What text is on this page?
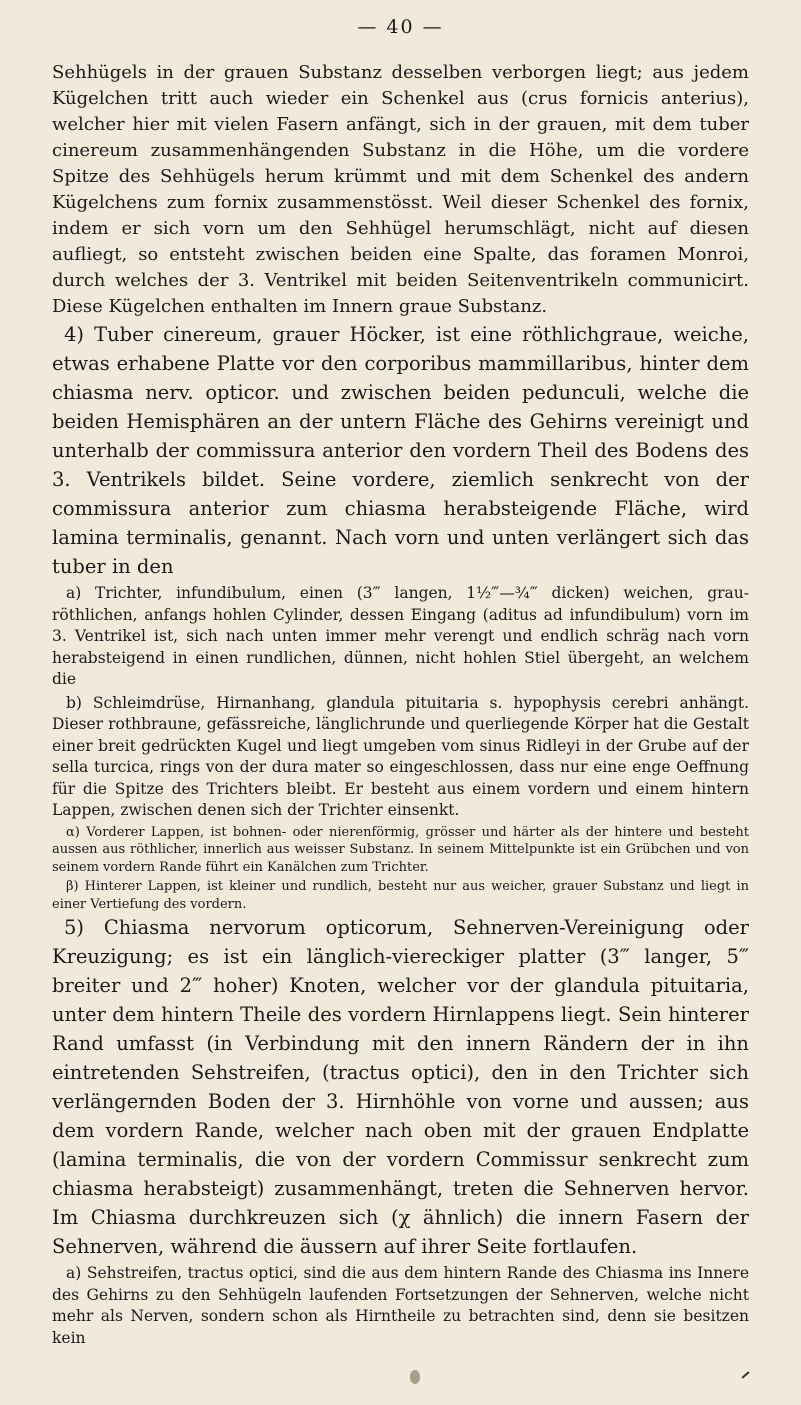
— 40 —

Sehhügels in der grauen Substanz desselben verborgen liegt; aus jedem Kügelchen tritt auch wieder ein Schenkel aus (crus fornicis anterius), welcher hier mit vielen Fasern anfängt, sich in der grauen, mit dem tuber cinereum zusammenhängenden Substanz in die Höhe, um die vordere Spitze des Sehhügels herum krümmt und mit dem Schenkel des andern Kügelchens zum fornix zusammenstösst. Weil dieser Schenkel des fornix, indem er sich vorn um den Sehhügel herumschlägt, nicht auf diesen aufliegt, so entsteht zwischen beiden eine Spalte, das foramen Monroi, durch welches der 3. Ventrikel mit beiden Seitenventrikeln communicirt. Diese Kügelchen enthalten im Innern graue Substanz.

4) Tuber cinereum, grauer Höcker, ist eine röthlichgraue, weiche, etwas erhabene Platte vor den corporibus mammillaribus, hinter dem chiasma nerv. opticor. und zwischen beiden pedunculi, welche die beiden Hemisphären an der untern Fläche des Gehirns vereinigt und unterhalb der commissura anterior den vordern Theil des Bodens des 3. Ventrikels bildet. Seine vordere, ziemlich senkrecht von der commissura anterior zum chiasma herabsteigende Fläche, wird lamina terminalis, genannt. Nach vorn und unten verlängert sich das tuber in den

a) Trichter, infundibulum, einen (3‴ langen, 1½‴—¾‴ dicken) weichen, grau-röthlichen, anfangs hohlen Cylinder, dessen Eingang (aditus ad infundibulum) vorn im 3. Ventrikel ist, sich nach unten immer mehr verengt und endlich schräg nach vorn herabsteigend in einen rundlichen, dünnen, nicht hohlen Stiel übergeht, an welchem die

b) Schleimdrüse, Hirnanhang, glandula pituitaria s. hypophysis cerebri anhängt. Dieser rothbraune, gefässreiche, länglichrunde und querliegende Körper hat die Gestalt einer breit gedrückten Kugel und liegt umgeben vom sinus Ridleyi in der Grube auf der sella turcica, rings von der dura mater so eingeschlossen, dass nur eine enge Oeffnung für die Spitze des Trichters bleibt. Er besteht aus einem vordern und einem hintern Lappen, zwischen denen sich der Trichter einsenkt.

α) Vorderer Lappen, ist bohnen- oder nierenförmig, grösser und härter als der hintere und besteht aussen aus röthlicher, innerlich aus weisser Substanz. In seinem Mittelpunkte ist ein Grübchen und von seinem vordern Rande führt ein Kanälchen zum Trichter.

β) Hinterer Lappen, ist kleiner und rundlich, besteht nur aus weicher, grauer Substanz und liegt in einer Vertiefung des vordern.

5) Chiasma nervorum opticorum, Sehnerven-Vereinigung oder Kreuzigung; es ist ein länglich-viereckiger platter (3‴ langer, 5‴ breiter und 2‴ hoher) Knoten, welcher vor der glandula pituitaria, unter dem hintern Theile des vordern Hirnlappens liegt. Sein hinterer Rand umfasst (in Verbindung mit den innern Rändern der in ihn eintretenden Sehstreifen, (tractus optici), den in den Trichter sich verlängernden Boden der 3. Hirnhöhle von vorne und aussen; aus dem vordern Rande, welcher nach oben mit der grauen Endplatte (lamina terminalis, die von der vordern Commissur senkrecht zum chiasma herabsteigt) zusammenhängt, treten die Sehnerven hervor. Im Chiasma durchkreuzen sich (χ ähnlich) die innern Fasern der Sehnerven, während die äussern auf ihrer Seite fortlaufen.

a) Sehstreifen, tractus optici, sind die aus dem hintern Rande des Chiasma ins Innere des Gehirns zu den Sehhügeln laufenden Fortsetzungen der Sehnerven, welche nicht mehr als Nerven, sondern schon als Hirntheile zu betrachten sind, denn sie besitzen kein
